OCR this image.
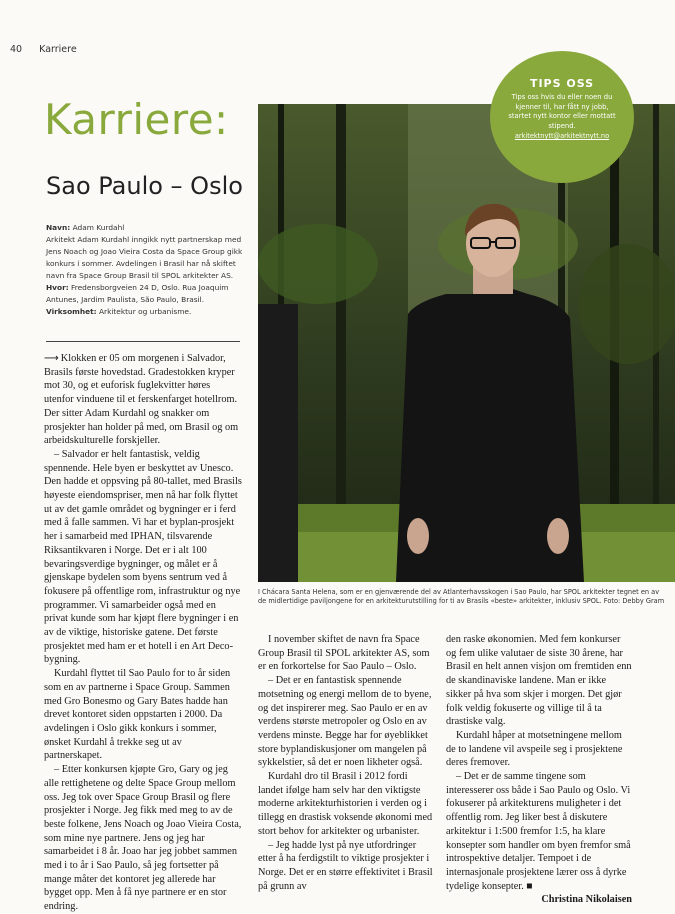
40 Karriere
Karriere:
Sao Paulo – Oslo

Navn: Adam Kurdahl

Arkitekt Adam Kurdahl inngikk nytt partnerskap med Jens Noach og Joao Vieira Costa da Space Group gikk konkurs i sommer. Avdelingen i Brasil har nå skiftet navn fra Space Group Brasil til SPOL arkitekter AS.

Hvor: Fredensborgveien 24 D, Oslo. Rua Joaquim Antunes, Jardim Paulista, São Paulo, Brasil.

Virksomhet: Arkitektur og urbanisme.

TIPS OSS
Tips oss hvis du eller noen du kjenner til, har fått ny jobb, startet nytt kontor eller mottatt stipend.
arkitektnytt@arkitektnytt.no
I Chácara Santa Helena, som er en gjenværende del av Atlanterhavsskogen i Sao Paulo, har SPOL arkitekter tegnet en av de midlertidige paviljongene for en arkitekturutstilling for ti av Brasils «beste» arkitekter, inklusiv SPOL. Foto: Debby Gram

⟶ Klokken er 05 om morgenen i Salvador, Brasils første hovedstad. Gradestokken kryper mot 30, og et euforisk fuglekvitter høres utenfor vinduene til et ferskenfarget hotellrom. Der sitter Adam Kurdahl og snakker om prosjekter han holder på med, om Brasil og om arbeidskulturelle forskjeller.

– Salvador er helt fantastisk, veldig spennende. Hele byen er beskyttet av Unesco. Den hadde et oppsving på 80-tallet, med Brasils høyeste eiendomspriser, men nå har folk flyttet ut av det gamle området og bygninger er i ferd med å falle sammen. Vi har et byplan-prosjekt her i samarbeid med IPHAN, tilsvarende Riksantikvaren i Norge. Det er i alt 100 bevaringsverdige bygninger, og målet er å gjenskape bydelen som byens sentrum ved å fokusere på offentlige rom, infrastruktur og nye programmer. Vi samarbeider også med en privat kunde som har kjøpt flere bygninger i en av de viktige, historiske gatene. Det første prosjektet med ham er et hotell i en Art Deco-bygning.

Kurdahl flyttet til Sao Paulo for to år siden som en av partnerne i Space Group. Sammen med Gro Bonesmo og Gary Bates hadde han drevet kontoret siden oppstarten i 2000. Da avdelingen i Oslo gikk konkurs i sommer, ønsket Kurdahl å trekke seg ut av partnerskapet.

– Etter konkursen kjøpte Gro, Gary og jeg alle rettighetene og delte Space Group mellom oss. Jeg tok over Space Group Brasil og flere prosjekter i Norge. Jeg fikk med meg to av de beste folkene, Jens Noach og Joao Vieira Costa, som mine nye partnere. Jens og jeg har samarbeidet i 8 år. Joao har jeg jobbet sammen med i to år i Sao Paulo, så jeg fortsetter på mange måter det kontoret jeg allerede har bygget opp. Men å få nye partnere er en stor endring.

I november skiftet de navn fra Space Group Brasil til SPOL arkitekter AS, som er en forkortelse for Sao Paulo – Oslo.

– Det er en fantastisk spennende motsetning og energi mellom de to byene, og det inspirerer meg. Sao Paulo er en av verdens største metropoler og Oslo en av verdens minste. Begge har for øyeblikket store byplandiskusjoner om mangelen på sykkelstier, så det er noen likheter også.

Kurdahl dro til Brasil i 2012 fordi landet ifølge ham selv har den viktigste moderne arkitekturhistorien i verden og i tillegg en drastisk voksende økonomi med stort behov for arkitekter og urbanister.

– Jeg hadde lyst på nye utfordringer etter å ha ferdigstilt to viktige prosjekter i Norge. Det er en større effektivitet i Brasil på grunn av

den raske økonomien. Med fem konkurser og fem ulike valutaer de siste 30 årene, har Brasil en helt annen visjon om fremtiden enn de skandinaviske landene. Man er ikke sikker på hva som skjer i morgen. Det gjør folk veldig fokuserte og villige til å ta drastiske valg.

Kurdahl håper at motsetningene mellom de to landene vil avspeile seg i prosjektene deres fremover.

– Det er de samme tingene som interesserer oss både i Sao Paulo og Oslo. Vi fokuserer på arkitekturens muligheter i det offentlig rom. Jeg liker best å diskutere arkitektur i 1:500 fremfor 1:5, ha klare konsepter som handler om byen fremfor små introspektive detaljer. Tempoet i de internasjonale prosjektene lærer oss å dyrke tydelige konsepter. ■

Christina Nikolaisen
